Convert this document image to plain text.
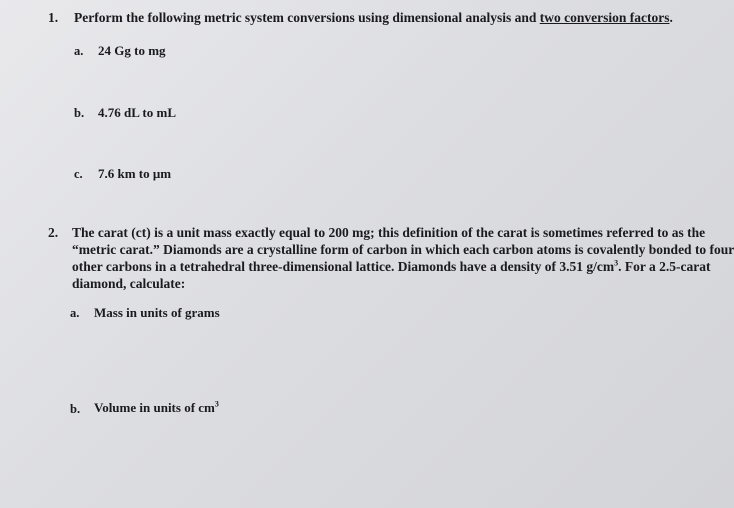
1. Perform the following metric system conversions using dimensional analysis and two conversion factors.
a. 24 Gg to mg
b. 4.76 dL to mL
c. 7.6 km to μm
2. The carat (ct) is a unit mass exactly equal to 200 mg; this definition of the carat is sometimes referred to as the
“metric carat.” Diamonds are a crystalline form of carbon in which each carbon atoms is covalently bonded to four
other carbons in a tetrahedral three-dimensional lattice. Diamonds have a density of 3.51 $g/cm^3$. For a 2.5-carat
diamond, calculate:
a. Mass in units of grams
b. Volume in units of $cm^3$
